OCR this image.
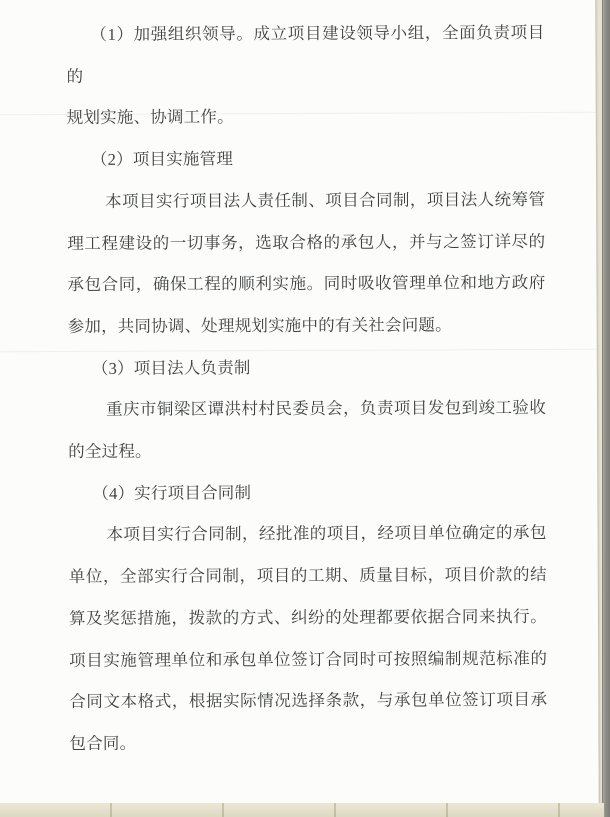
（1）加强组织领导。成立项目建设领导小组，全面负责项目的
规划实施、协调工作。
（2）项目实施管理
本项目实行项目法人责任制、项目合同制，项目法人统筹管
理工程建设的一切事务，选取合格的承包人，并与之签订详尽的
承包合同，确保工程的顺利实施。同时吸收管理单位和地方政府
参加，共同协调、处理规划实施中的有关社会问题。
（3）项目法人负责制
重庆市铜梁区谭洪村村民委员会，负责项目发包到竣工验收
的全过程。
（4）实行项目合同制
本项目实行合同制，经批准的项目，经项目单位确定的承包
单位，全部实行合同制，项目的工期、质量目标，项目价款的结
算及奖惩措施，拨款的方式、纠纷的处理都要依据合同来执行。
项目实施管理单位和承包单位签订合同时可按照编制规范标准的
合同文本格式，根据实际情况选择条款，与承包单位签订项目承
包合同。
